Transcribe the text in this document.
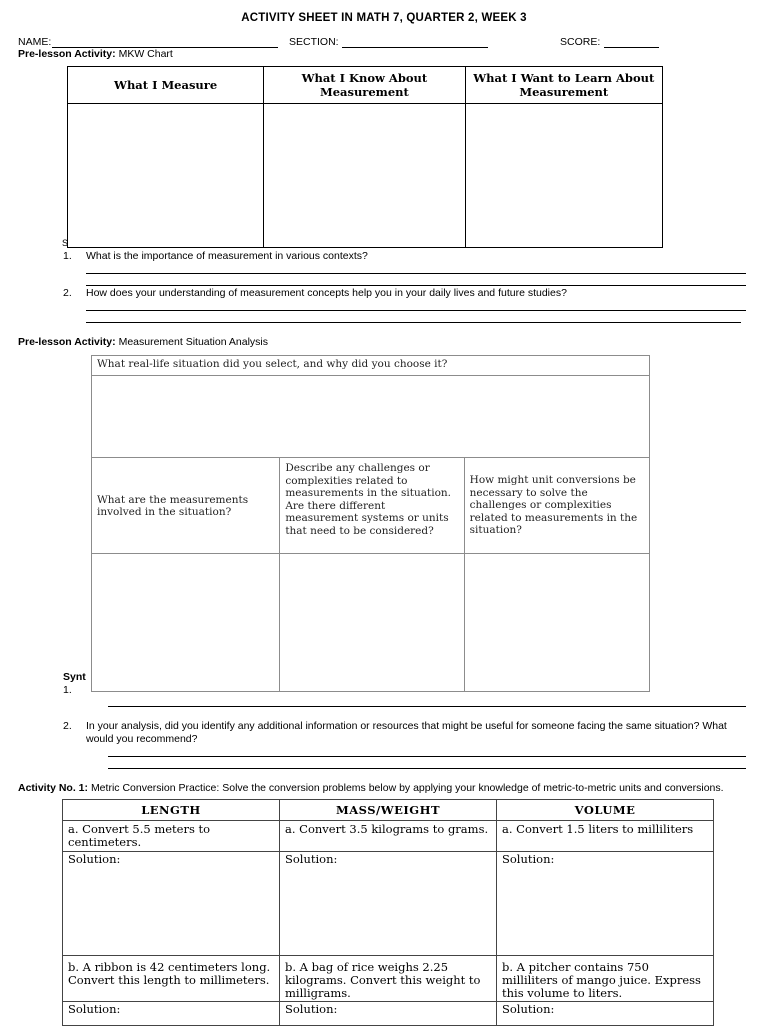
ACTIVITY SHEET IN MATH 7, QUARTER 2, WEEK 3
NAME:	SECTION:	SCORE:
Pre-lesson Activity: MKW Chart
What I Measure	What I Know About Measurement	What I Want to Learn About Measurement

S
1. What is the importance of measurement in various contexts?
2. How does your understanding of measurement concepts help you in your daily lives and future studies?
Pre-lesson Activity: Measurement Situation Analysis
What real-life situation did you select, and why did you choose it?		

What are the measurements involved in the situation?	Describe any challenges or complexities related to measurements in the situation. Are there different measurement systems or units that need to be considered?	How might unit conversions be necessary to solve the challenges or complexities related to measurements in the situation?

Synt
1.
2. In your analysis, did you identify any additional information or resources that might be useful for someone facing the same situation? What would you recommend?
Activity No. 1: Metric Conversion Practice: Solve the conversion problems below by applying your knowledge of metric-to-metric units and conversions.
LENGTH	MASS/WEIGHT	VOLUME
a. Convert 5.5 meters to centimeters.	a. Convert 3.5 kilograms to grams.	a. Convert 1.5 liters to milliliters
Solution:	Solution:	Solution:
b. A ribbon is 42 centimeters long. Convert this length to millimeters.	b. A bag of rice weighs 2.25 kilograms. Convert this weight to milligrams.	b. A pitcher contains 750 milliliters of mango juice. Express this volume to liters.
Solution:	Solution:	Solution:
